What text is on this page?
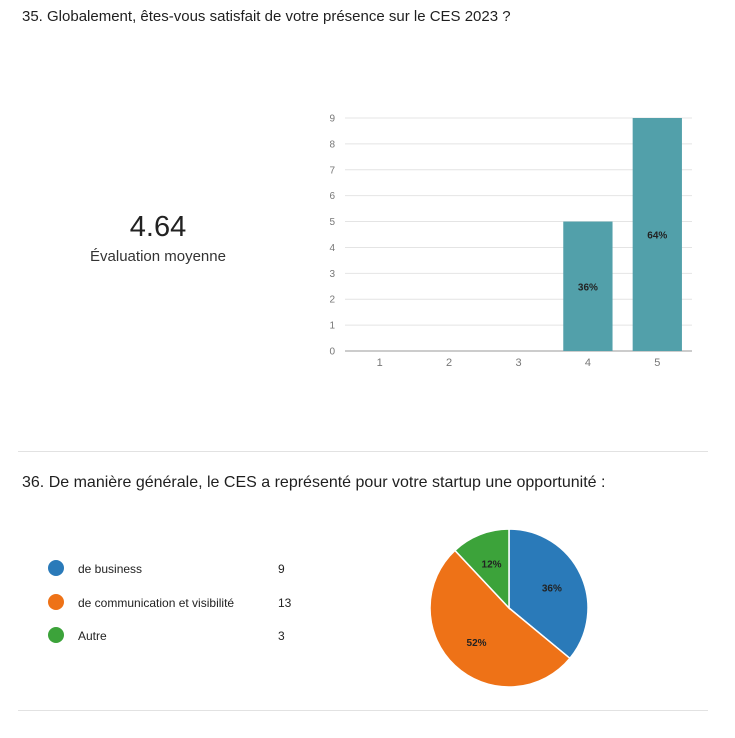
35. Globalement, êtes-vous satisfait de votre présence sur le CES 2023 ?
4.64
Évaluation moyenne
36%
64%
0
1
2
3
4
5
6
7
8
9
1	2	3	4	5
36. De manière générale, le CES a représenté pour votre startup une opportunité :
de business	9
de communication et visibilité	13
Autre	3
36%
52%
12%
